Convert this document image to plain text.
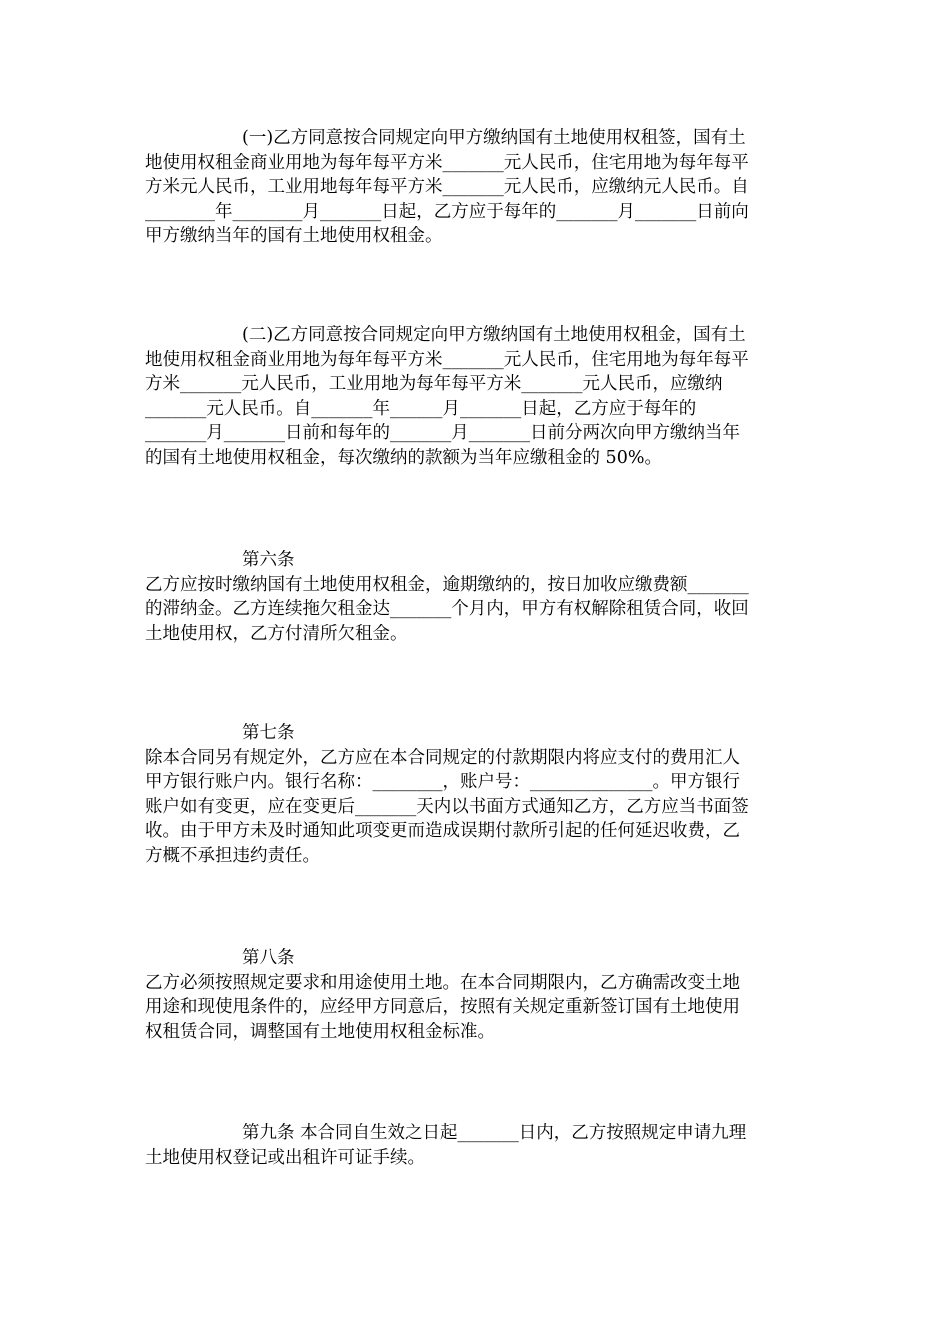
(一)乙方同意按合同规定向甲方缴纳国有土地使用权租签，国有土
地使用权租金商业用地为每年每平方米_______元人民币，住宅用地为每年每平
方米元人民币，工业用地每年每平方米_______元人民币，应缴纳元人民币。自
________年________月_______日起，乙方应于每年的_______月_______日前向
甲方缴纳当年的国有土地使用权租金。
(二)乙方同意按合同规定向甲方缴纳国有土地使用权租金，国有土
地使用权租金商业用地为每年每平方米_______元人民币，住宅用地为每年每平
方米_______元人民币，工业用地为每年每平方米_______元人民币，应缴纳
_______元人民币。自_______年______月_______日起，乙方应于每年的
_______月_______日前和每年的_______月_______日前分两次向甲方缴纳当年
的国有土地使用权租金，每次缴纳的款额为当年应缴租金的 50%。
第六条
乙方应按时缴纳国有土地使用权租金，逾期缴纳的，按日加收应缴费额_______
的滞纳金。乙方连续拖欠租金达_______个月内，甲方有权解除租赁合同，收回
土地使用权，乙方付清所欠租金。
第七条
除本合同另有规定外，乙方应在本合同规定的付款期限内将应支付的费用汇人
甲方银行账户内。银行名称：________，账户号：______________。甲方银行
账户如有变更，应在变更后_______天内以书面方式通知乙方，乙方应当书面签
收。由于甲方未及时通知此项变更而造成误期付款所引起的任何延迟收费，乙
方概不承担违约责任。
第八条
乙方必须按照规定要求和用途使用土地。在本合同期限内，乙方确需改变土地
用途和现使甩条件的，应经甲方同意后，按照有关规定重新签订国有土地使用
权租赁合同，调整国有土地使用权租金标准。
第九条 本合同自生效之日起_______日内，乙方按照规定申请九理
土地使用权登记或出租许可证手续。
